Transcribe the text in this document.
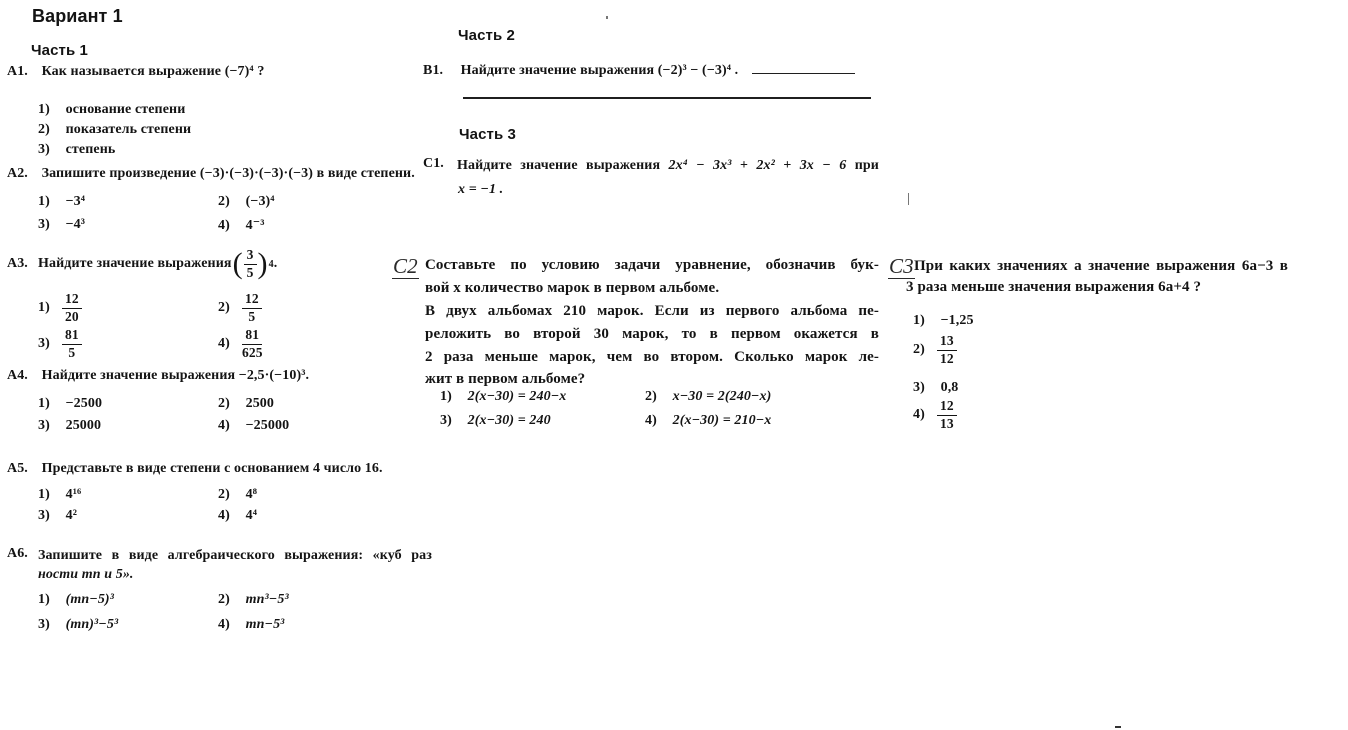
Вариант 1
Часть 1
А1. Как называется выражение (−7)⁴ ?
1) основание степени
2) показатель степени
3) степень
А2. Запишите произведение (−3)·(−3)·(−3)·(−3) в виде степени.
1) −3⁴	2) (−3)⁴
3) −4³	4) 4⁻³
А3. Найдите значение выражения ( $\frac{3}{5}$ ) 4 .
$1) \frac{12}{20}$	$2) \frac{12}{5}$
$3) \frac{81}{5}$	$4) \frac{81}{625}$
А4. Найдите значение выражения −2,5·(−10)³.
1) −2500	2) 2500
3) 25000	4) −25000
А5. Представьте в виде степени с основанием 4 число 16.
1) 4¹⁶	2) 4⁸
3) 4²	4) 4⁴
А6. Запишите в виде алгебраического выражения: «куб раз
ности mn и 5».
1) (mn−5)³	2) mn³−5³
3) (mn)³−5³	4) mn−5³
Часть 2
В1. Найдите значение выражения (−2)³ − (−3)⁴ .
Часть 3
С1. Найдите значение выражения 2x⁴ − 3x³ + 2x² + 3x − 6 при
x = −1 .
C2 Составьте по условию задачи уравнение, обозначив бук-
вой x количество марок в первом альбоме.
В двух альбомах 210 марок. Если из первого альбома пе-
реложить во второй 30 марок, то в первом окажется в
2 раза меньше марок, чем во втором. Сколько марок ле-
жит в первом альбоме?
1) 2(x−30) = 240−x	2) x−30 = 2(240−x)
3) 2(x−30) = 240	4) 2(x−30) = 210−x
C3 При каких значениях a значение выражения 6a−3 в
3 раза меньше значения выражения 6a+4 ?
1) −1,25
$2) \frac{13}{12}$
3) 0,8
$4) \frac{12}{13}$
